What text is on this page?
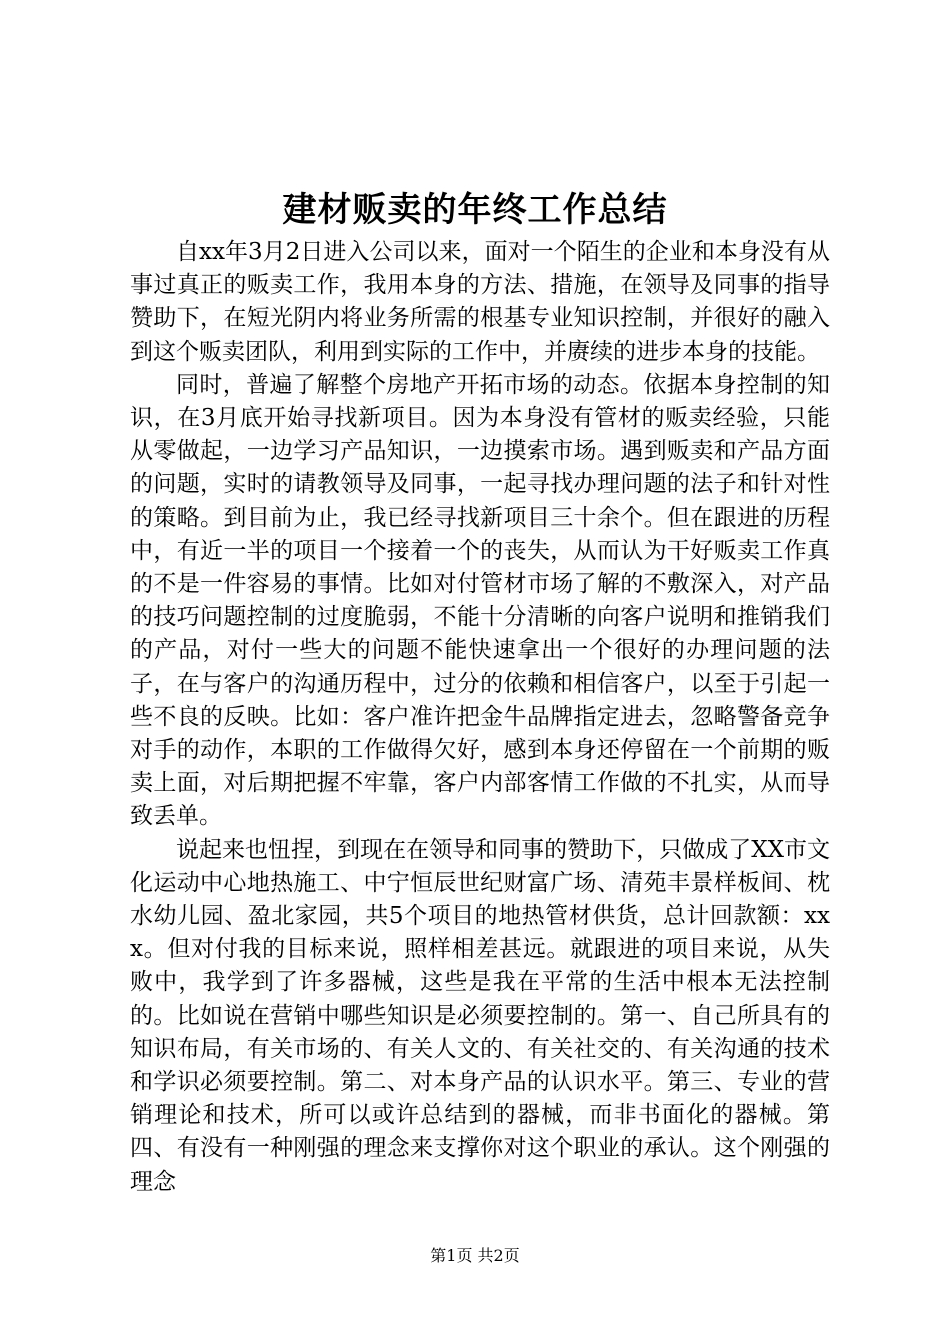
建材贩卖的年终工作总结

自xx年3月2日进入公司以来，面对一个陌生的企业和本身没有从事过真正的贩卖工作，我用本身的方法、措施，在领导及同事的指导赞助下，在短光阴内将业务所需的根基专业知识控制，并很好的融入到这个贩卖团队，利用到实际的工作中，并赓续的进步本身的技能。

同时，普遍了解整个房地产开拓市场的动态。依据本身控制的知识，在3月底开始寻找新项目。因为本身没有管材的贩卖经验，只能从零做起，一边学习产品知识，一边摸索市场。遇到贩卖和产品方面的问题，实时的请教领导及同事，一起寻找办理问题的法子和针对性的策略。到目前为止，我已经寻找新项目三十余个。但在跟进的历程中，有近一半的项目一个接着一个的丧失，从而认为干好贩卖工作真的不是一件容易的事情。比如对付管材市场了解的不敷深入，对产品的技巧问题控制的过度脆弱，不能十分清晰的向客户说明和推销我们的产品，对付一些大的问题不能快速拿出一个很好的办理问题的法子，在与客户的沟通历程中，过分的依赖和相信客户，以至于引起一些不良的反映。比如：客户准许把金牛品牌指定进去，忽略警备竞争对手的动作，本职的工作做得欠好，感到本身还停留在一个前期的贩卖上面，对后期把握不牢靠，客户内部客情工作做的不扎实，从而导致丢单。

说起来也忸捏，到现在在领导和同事的赞助下，只做成了XX市文化运动中心地热施工、中宁恒辰世纪财富广场、清苑丰景样板间、枕水幼儿园、盈北家园，共5个项目的地热管材供货，总计回款额：xxx。但对付我的目标来说，照样相差甚远。就跟进的项目来说，从失败中，我学到了许多器械，这些是我在平常的生活中根本无法控制的。比如说在营销中哪些知识是必须要控制的。第一、自己所具有的知识布局，有关市场的、有关人文的、有关社交的、有关沟通的技术和学识必须要控制。第二、对本身产品的认识水平。第三、专业的营销理论和技术，所可以或许总结到的器械，而非书面化的器械。第四、有没有一种刚强的理念来支撑你对这个职业的承认。这个刚强的理念

第1页 共2页
